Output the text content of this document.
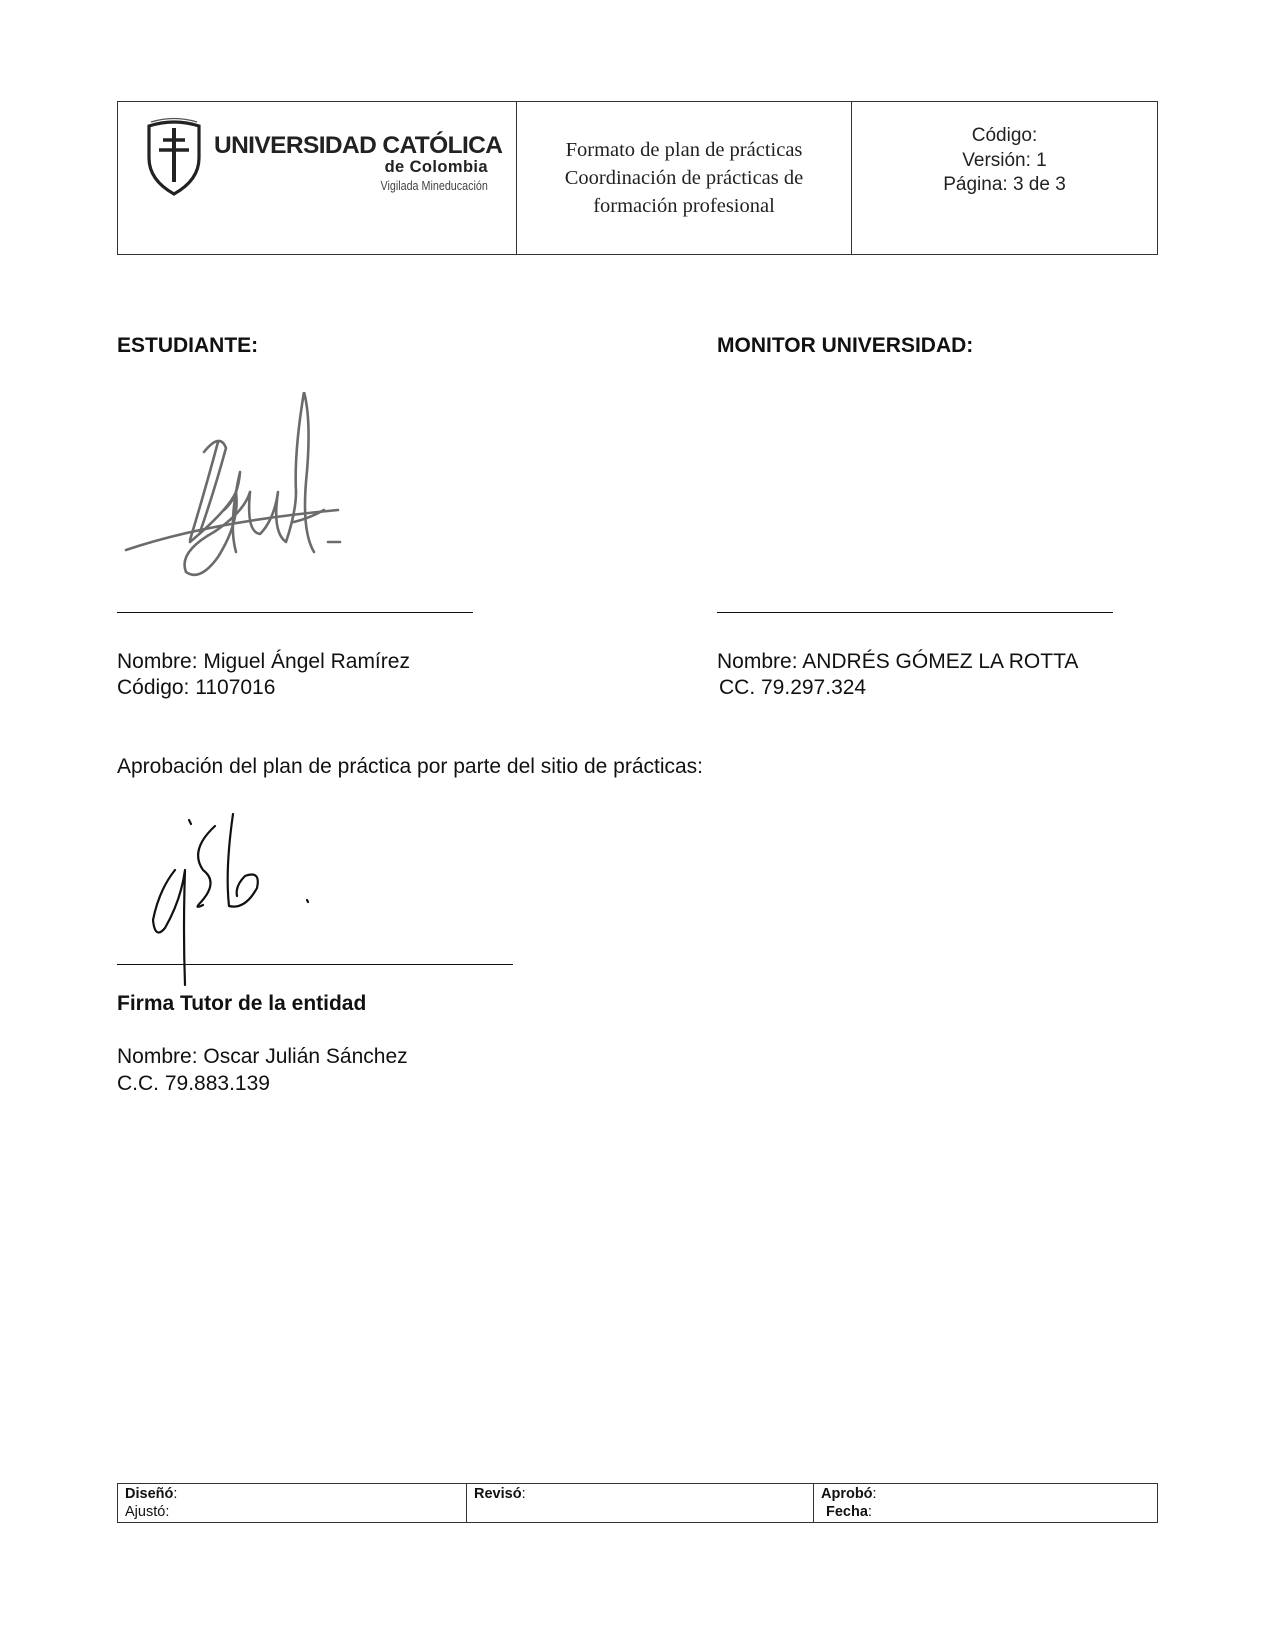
UNIVERSIDAD CATÓLICA
de Colombia
Vigilada Mineducación
Formato de plan de prácticas
Coordinación de prácticas de
formación profesional
Código:
Versión: 1
Página: 3 de 3
ESTUDIANTE:
Nombre: Miguel Ángel Ramírez
Código: 1107016
MONITOR UNIVERSIDAD:
Nombre: ANDRÉS GÓMEZ LA ROTTA
CC. 79.297.324
Aprobación del plan de práctica por parte del sitio de prácticas:
Firma Tutor de la entidad
Nombre: Oscar Julián Sánchez
C.C. 79.883.139
Diseñó:
Ajustó:
Revisó:	Aprobó:
Fecha:
